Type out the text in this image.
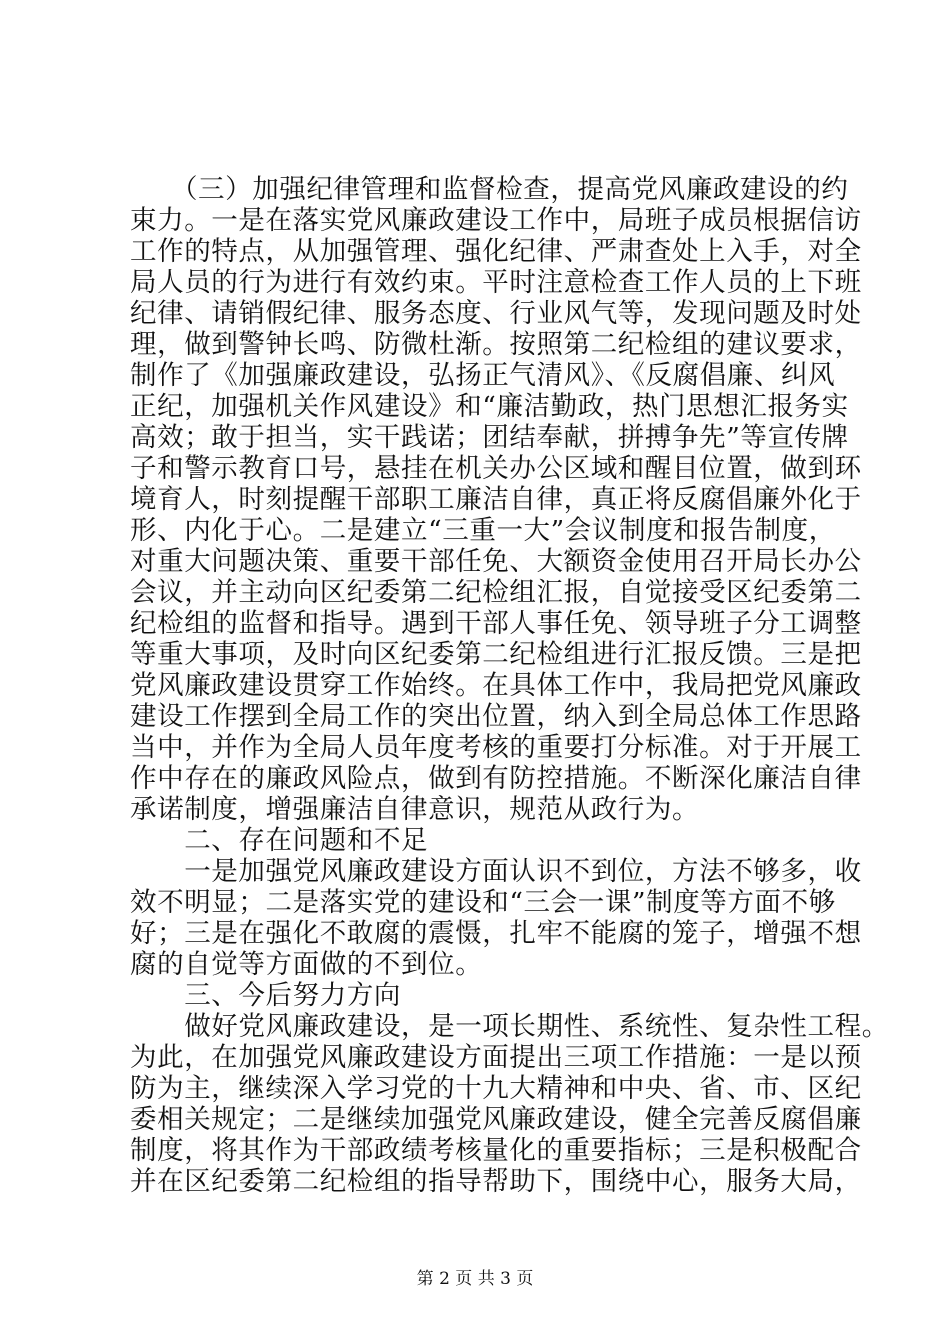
　　（三）加强纪律管理和监督检查，提高党风廉政建设的约
束力。一是在落实党风廉政建设工作中，局班子成员根据信访
工作的特点，从加强管理、强化纪律、严肃查处上入手，对全
局人员的行为进行有效约束。平时注意检查工作人员的上下班
纪律、请销假纪律、服务态度、行业风气等，发现问题及时处
理，做到警钟长鸣、防微杜渐。按照第二纪检组的建议要求，
制作了《加强廉政建设，弘扬正气清风》、《反腐倡廉、纠风
正纪，加强机关作风建设》和“廉洁勤政，热门思想汇报务实
高效；敢于担当，实干践诺；团结奉献，拼搏争先”等宣传牌
子和警示教育口号，悬挂在机关办公区域和醒目位置，做到环
境育人，时刻提醒干部职工廉洁自律，真正将反腐倡廉外化于
形、内化于心。二是建立“三重一大”会议制度和报告制度，
对重大问题决策、重要干部任免、大额资金使用召开局长办公
会议，并主动向区纪委第二纪检组汇报，自觉接受区纪委第二
纪检组的监督和指导。遇到干部人事任免、领导班子分工调整
等重大事项，及时向区纪委第二纪检组进行汇报反馈。三是把
党风廉政建设贯穿工作始终。在具体工作中，我局把党风廉政
建设工作摆到全局工作的突出位置，纳入到全局总体工作思路
当中，并作为全局人员年度考核的重要打分标准。对于开展工
作中存在的廉政风险点，做到有防控措施。不断深化廉洁自律
承诺制度，增强廉洁自律意识，规范从政行为。
　　二、存在问题和不足
　　一是加强党风廉政建设方面认识不到位，方法不够多，收
效不明显；二是落实党的建设和“三会一课”制度等方面不够
好；三是在强化不敢腐的震慑，扎牢不能腐的笼子，增强不想
腐的自觉等方面做的不到位。
　　三、今后努力方向
　　做好党风廉政建设，是一项长期性、系统性、复杂性工程。
为此，在加强党风廉政建设方面提出三项工作措施：一是以预
防为主，继续深入学习党的十九大精神和中央、省、市、区纪
委相关规定；二是继续加强党风廉政建设，健全完善反腐倡廉
制度，将其作为干部政绩考核量化的重要指标；三是积极配合
并在区纪委第二纪检组的指导帮助下，围绕中心，服务大局，
第 2 页 共 3 页
